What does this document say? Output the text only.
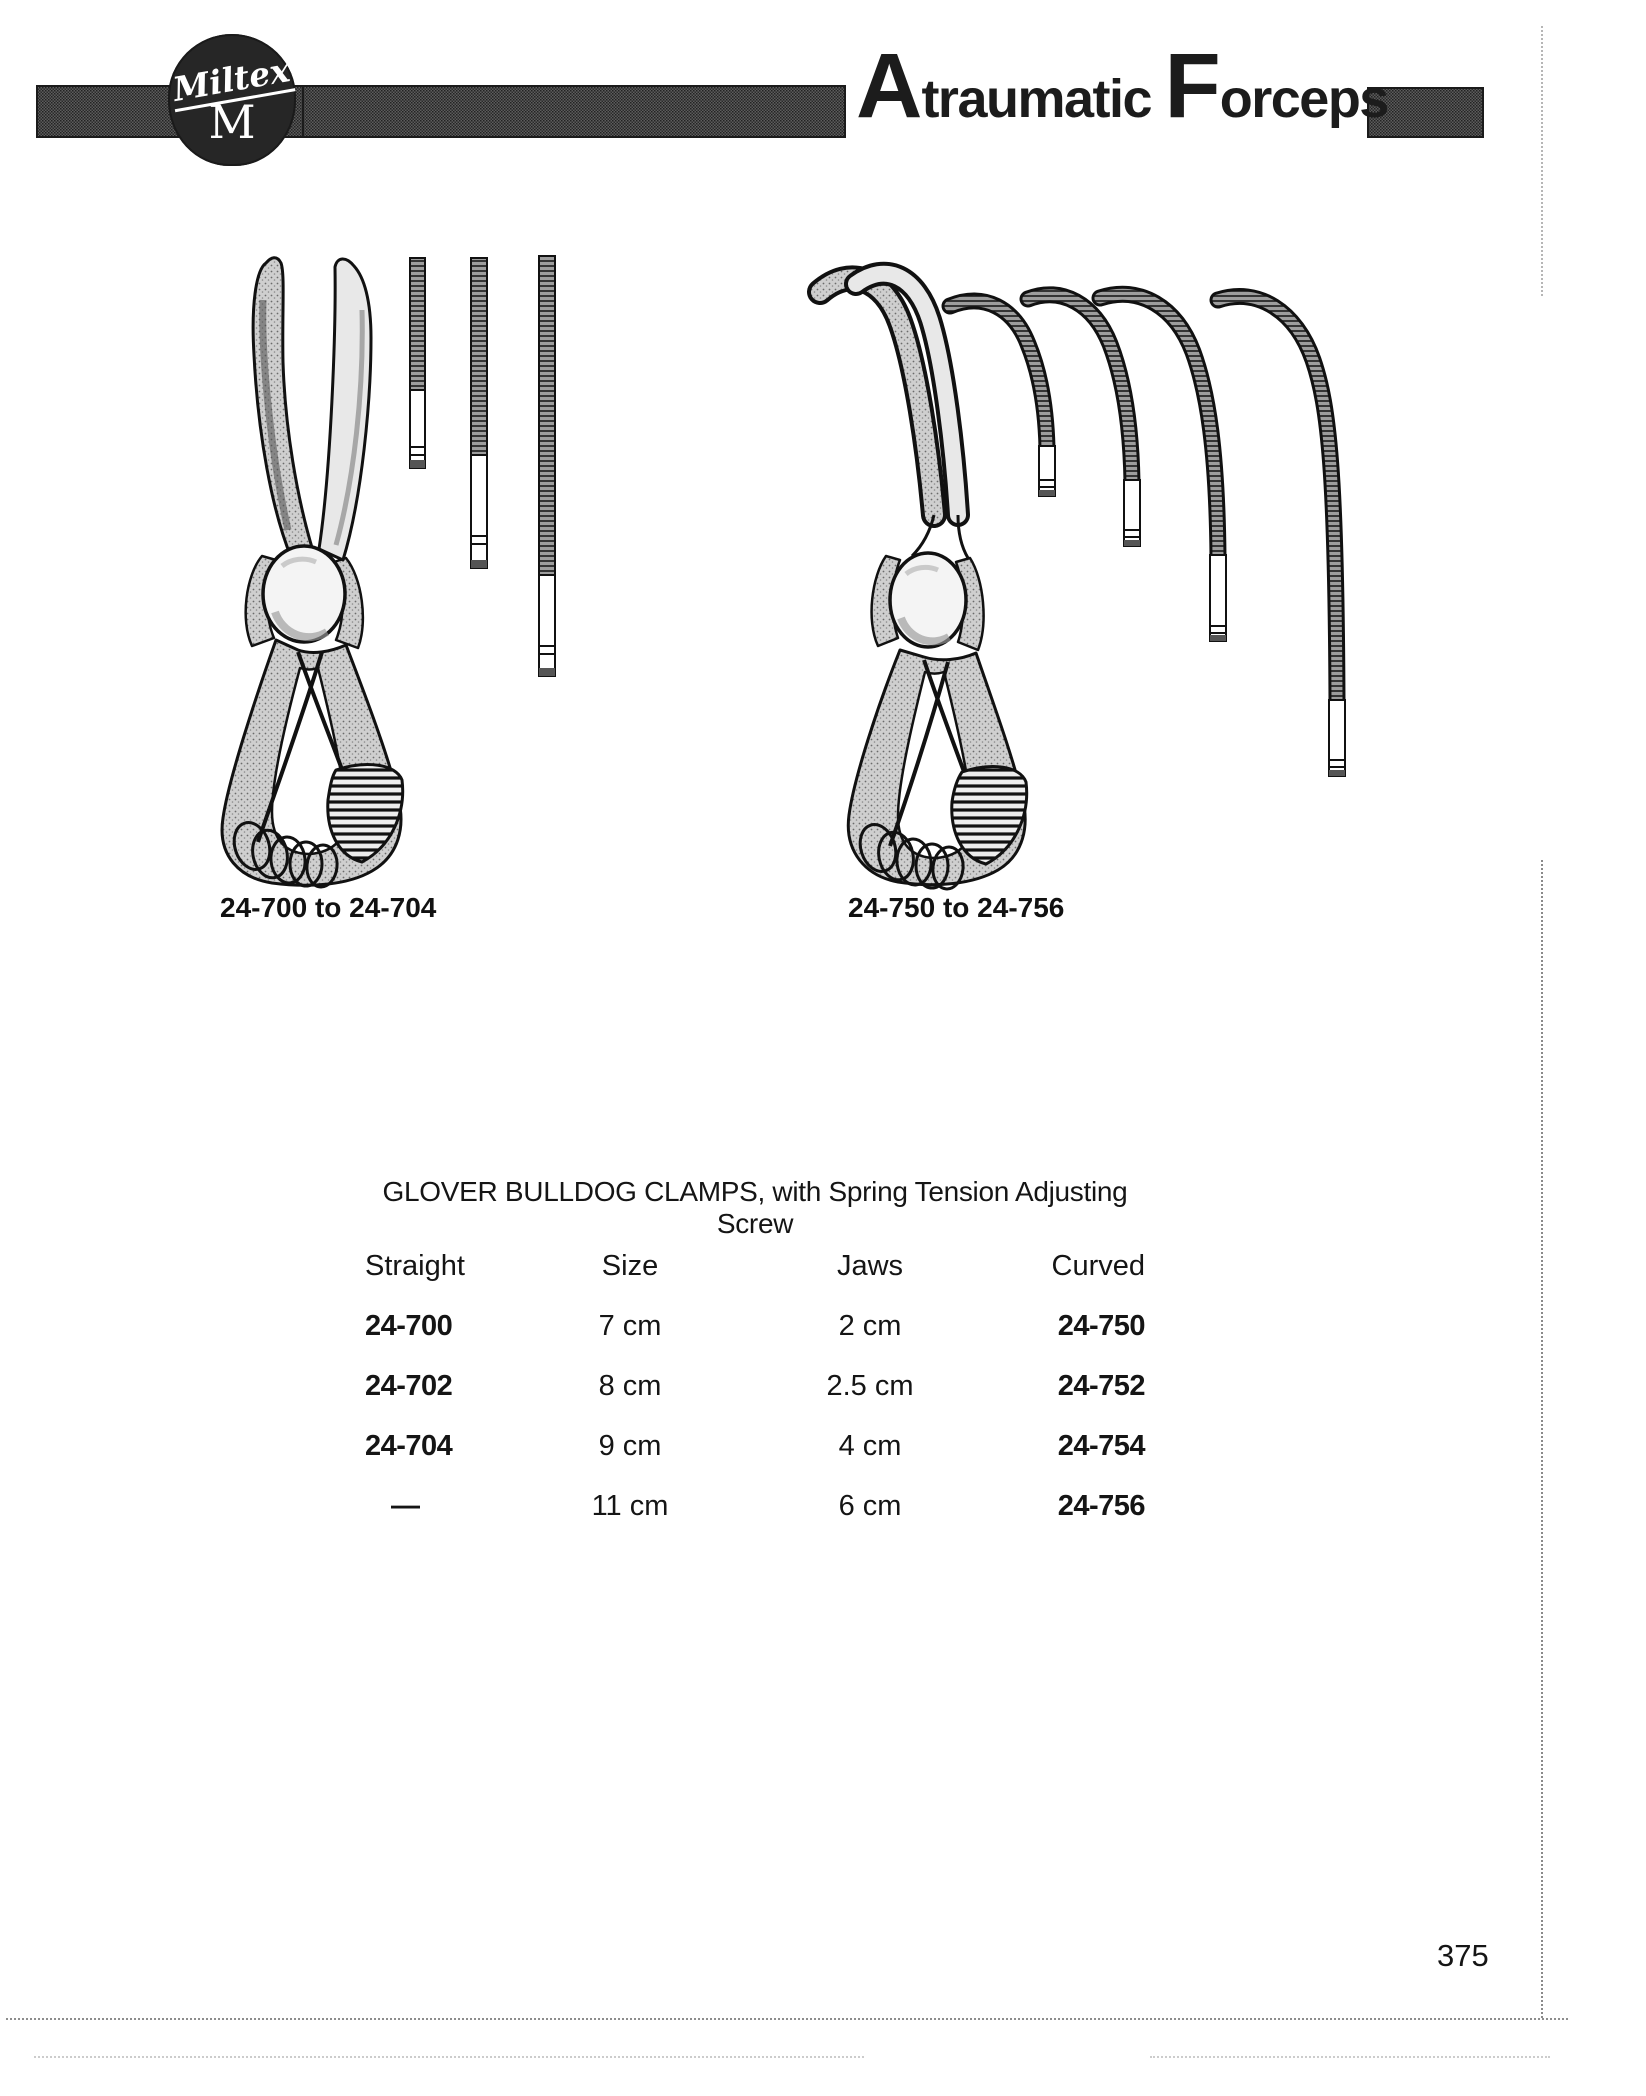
Miltex
M	Atraumatic Forceps
24-700 to 24-704	24-750 to 24-756
GLOVER BULLDOG CLAMPS, with Spring Tension Adjusting Screw
Straight	Size	Jaws	Curved
24-700	7 cm	2 cm	24-750
24-702	8 cm	2.5 cm	24-752
24-704	9 cm	4 cm	24-754
—	11 cm	6 cm	24-756
375
